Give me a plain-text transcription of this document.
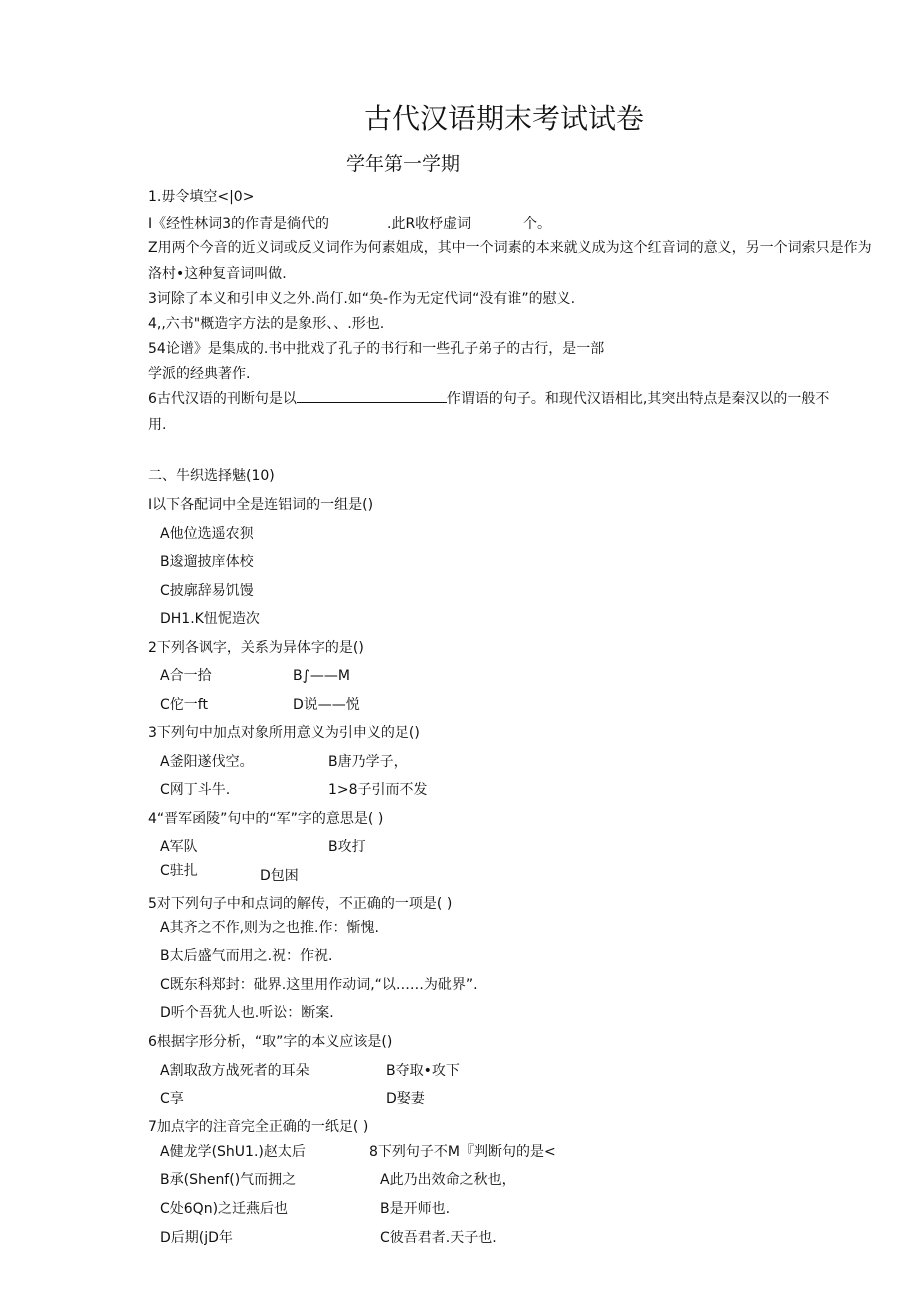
古代汉语期末考试试卷
学年第一学期
1.毋令填空<|0>
I《经性林词3的作青是徜代的	.此R收杼虚词	个。
Z用两个今音的近义词或反义词作为何素姐成，其中一个词素的本来就义成为这个红音词的意义，另一个词索只是作为
洛村•这种复音词叫做.
3诃除了本义和引申义之外.尚仃.如“奂-作为无定代词“没有谁”的慰义.
4,,六书"概造字方法的是象形、、.形也.
54论谱》是集成的.书中批戏了孔子的书行和一些孔子弟子的古行，是一部
学派的经典著作.
6古代汉语的刊断句是以	作谓语的句子。和现代汉语相比,其突出特点是秦汉以的一般不
用.
二、牛织选择魅(10)
I以下各配词中全是连铝词的一组是()
A他位选遥农狈
B逡遛披庠体校
C披廓辞易饥馒
DH1.K忸怩造次
2下列各讽字，关系为异体字的是()
A合一拾	B∫——M
C佗一ft	D说——悦
3下列句中加点对象所用意义为引申义的足()
A釜阳遂伐空。	B唐乃学子，
C网丁斗牛.	1>8子引而不发
4“晋军函陵”句中的“军”字的意思是( )
A军队	B攻打
C驻扎	D包困
5对下列句子中和点词的解传，不正确的一项是( )
A其齐之不作,则为之也推.作：惭愧.
B太后盛气而用之.祝：作祝.
C既东科郑封：砒界.这里用作动词,“以……为砒界”.
D听个吾犹人也.听讼：断案.
6根据字形分析，“取”字的本义应该是()
A割取敌方战死者的耳朵	B夺取•攻下
C享	D娶妻
7加点字的注音完全正确的一纸足( )
A健龙学(ShU1.)赵太后	8下列句子不M『判断句的是<
B承(Shenf()气而拥之	A此乃出效命之秋也，
C处6Qn)之迁燕后也	B是开师也.
D后期(jD年	C彼吾君者.天子也.
